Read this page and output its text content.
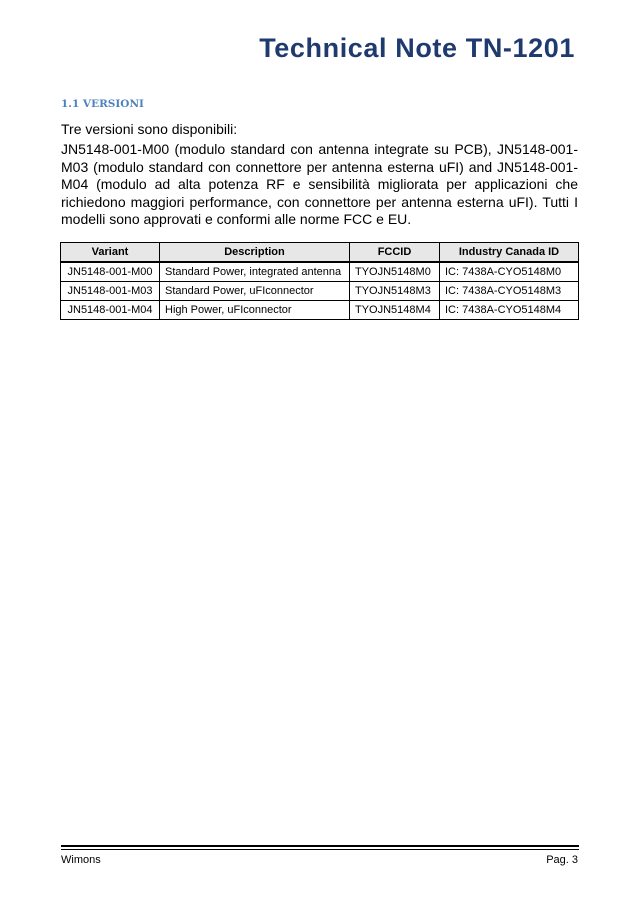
Technical Note TN-1201
1.1 VERSIONI

Tre versioni sono disponibili:

JN5148-001-M00 (modulo standard con antenna integrate su PCB), JN5148-001-M03 (modulo standard con connettore per antenna esterna uFI) and JN5148-001-M04 (modulo ad alta potenza RF e sensibilità migliorata per applicazioni che richiedono maggiori performance, con connettore per antenna esterna uFI). Tutti I modelli sono approvati e conformi alle norme FCC e EU.

Variant	Description	FCCID	Industry Canada ID
JN5148-001-M00	Standard Power, integrated antenna	TYOJN5148M0	IC: 7438A-CYO5148M0
JN5148-001-M03	Standard Power, uFIconnector	TYOJN5148M3	IC: 7438A-CYO5148M3
JN5148-001-M04	High Power, uFIconnector	TYOJN5148M4	IC: 7438A-CYO5148M4
Wimons	Pag. 3
